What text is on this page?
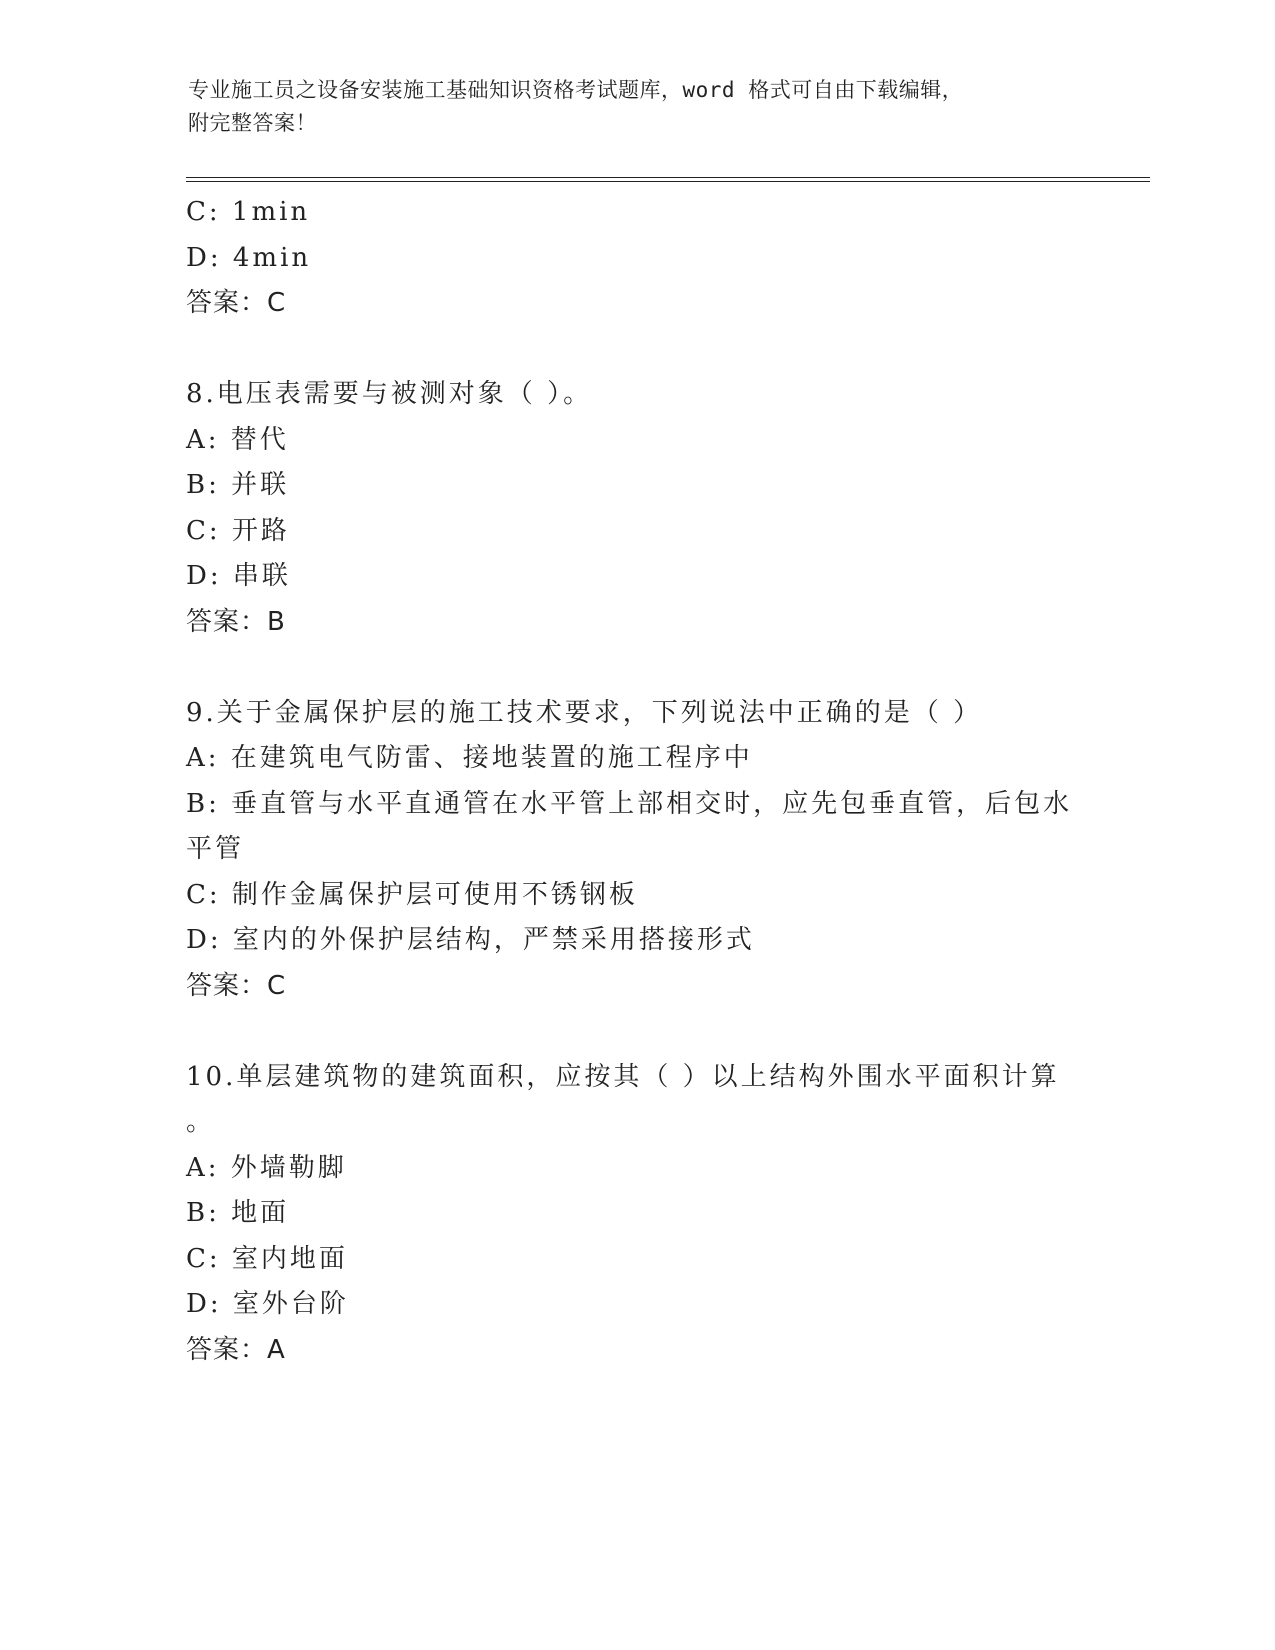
专业施工员之设备安装施工基础知识资格考试题库，word 格式可自由下载编辑，
附完整答案！
C: 1min
D: 4min
答案：C
8.电压表需要与被测对象（ ）。
A: 替代
B: 并联
C: 开路
D: 串联
答案：B
9.关于金属保护层的施工技术要求，下列说法中正确的是（ ）
A: 在建筑电气防雷、接地装置的施工程序中
B: 垂直管与水平直通管在水平管上部相交时，应先包垂直管，后包水
平管
C: 制作金属保护层可使用不锈钢板
D: 室内的外保护层结构，严禁采用搭接形式
答案：C
10.单层建筑物的建筑面积，应按其（ ）以上结构外围水平面积计算
。
A: 外墙勒脚
B: 地面
C: 室内地面
D: 室外台阶
答案：A
